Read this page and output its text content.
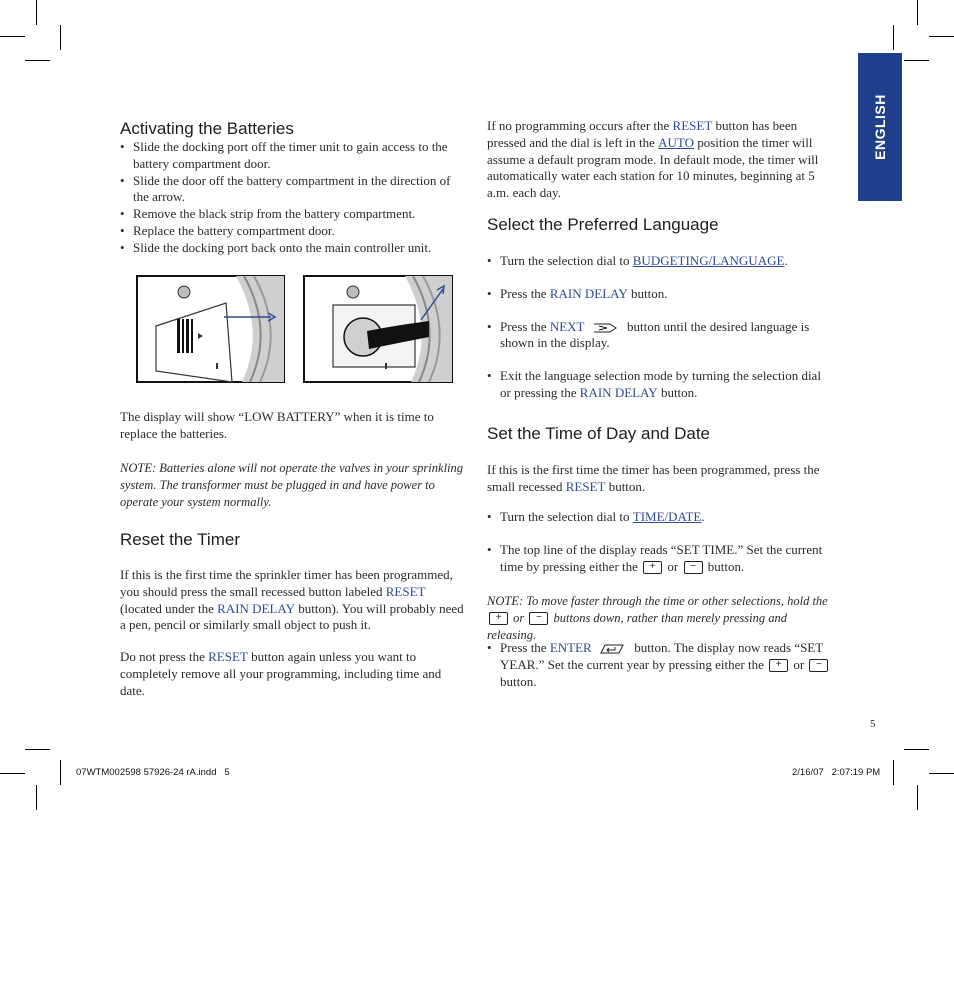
ENGLISH
Activating the Batteries

• Slide the docking port off the timer unit to gain access to the battery compartment door.

• Slide the door off the battery compartment in the direction of the arrow.

• Remove the black strip from the battery compartment.

• Replace the battery compartment door.

• Slide the docking port back onto the main controller unit.

The display will show “LOW BATTERY” when it is time to replace the batteries.

NOTE: Batteries alone will not operate the valves in your sprinkling system. The transformer must be plugged in and have power to operate your system normally.

Reset the Timer

If this is the first time the sprinkler timer has been programmed, you should press the small recessed button labeled RESET (located under the RAIN DELAY button). You will probably need a pen, pencil or similarly small object to push it.

Do not press the RESET button again unless you want to completely remove all your programming, including time and date.

If no programming occurs after the RESET button has been pressed and the dial is left in the AUTO position the timer will assume a default program mode. In default mode, the timer will automatically water each station for 10 minutes, beginning at 5 a.m. each day.

Select the Preferred Language

• Turn the selection dial to BUDGETING/LANGUAGE.

• Press the RAIN DELAY button.

• Press the NEXT	button until the desired language is shown in the display.

• Exit the language selection mode by turning the selection dial or pressing the RAIN DELAY button.

Set the Time of Day and Date

If this is the first time the timer has been programmed, press the small recessed RESET button.

• Turn the selection dial to TIME/DATE.

• The top line of the display reads “SET TIME.” Set the current time by pressing either the + or − button.

NOTE: To move faster through the time or other selections, hold the + or − buttons down, rather than merely pressing and releasing.

• Press the ENTER	button. The display now reads “SET YEAR.” Set the current year by pressing either the + or − button.

5
07WTM002598 57926-24 rA.indd   5	2/16/07   2:07:19 PM
